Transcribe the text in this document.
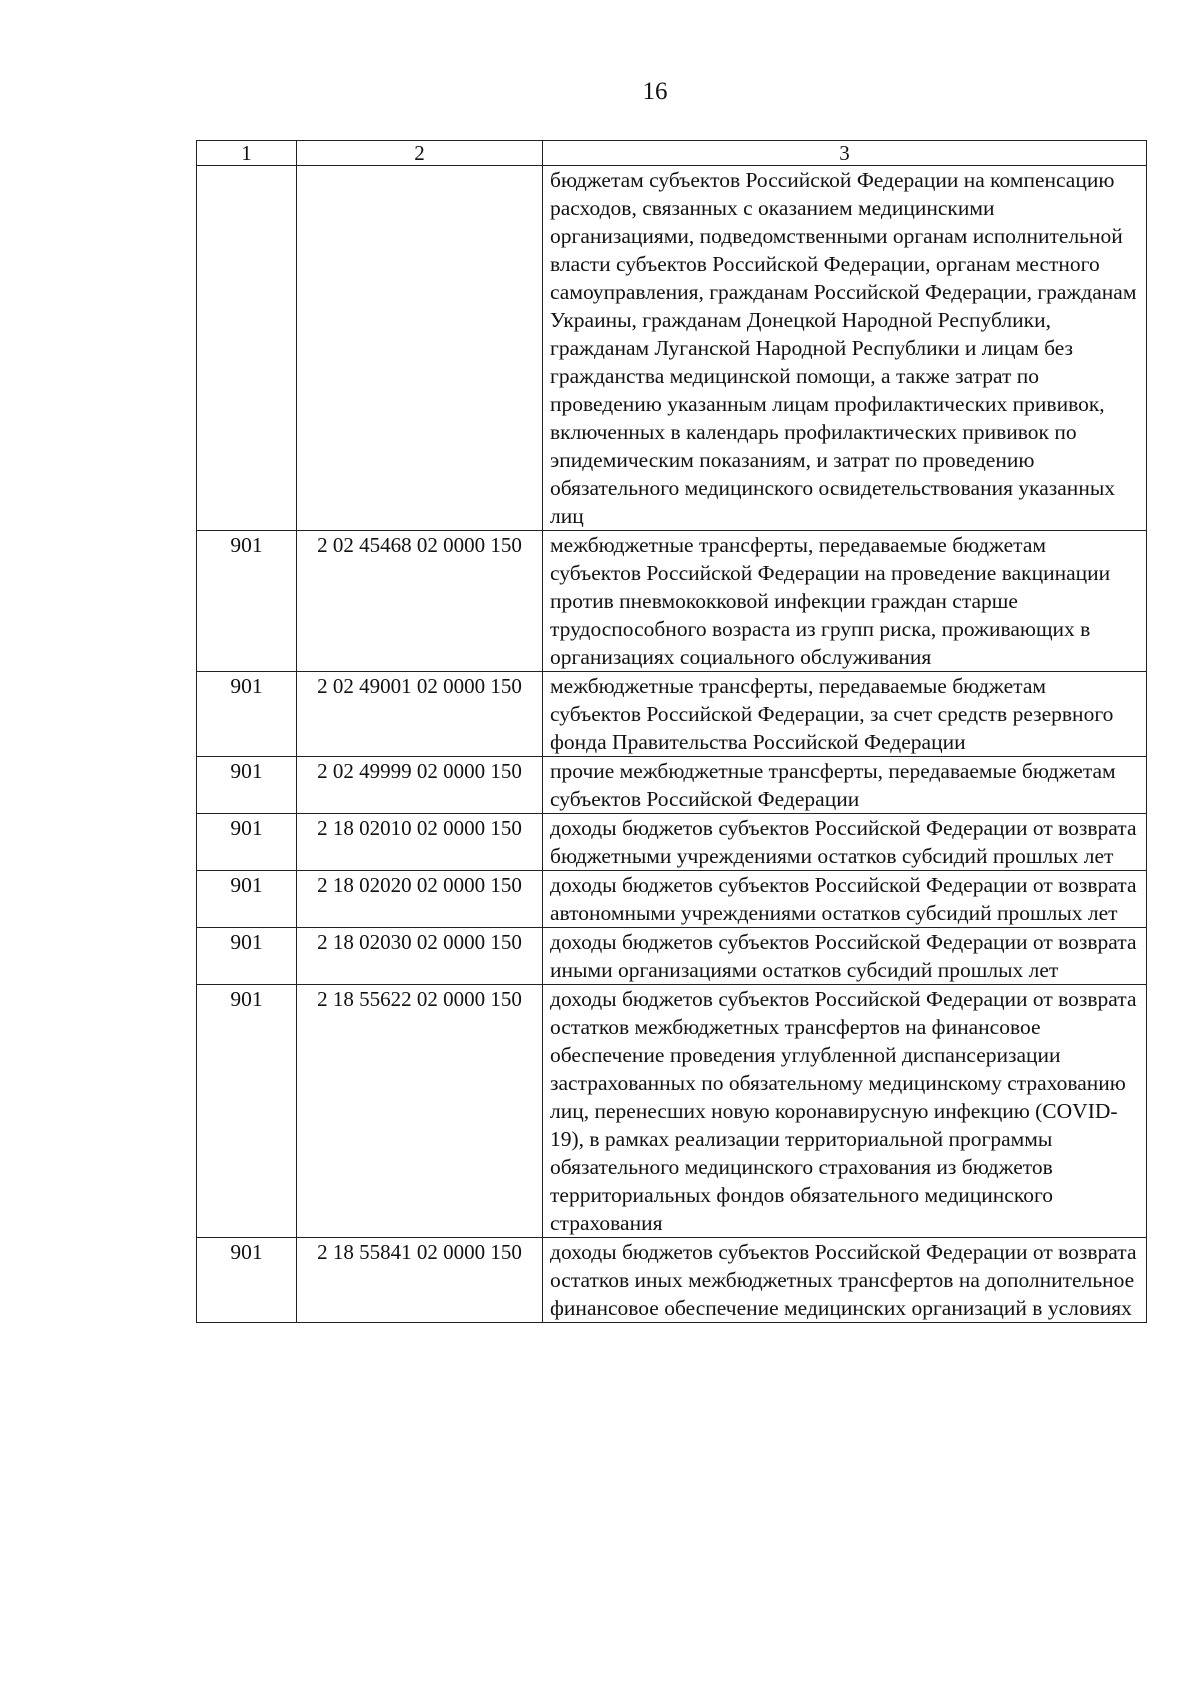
16
1	2	3
		бюджетам субъектов Российской Федерации на компенсацию расходов, связанных с оказанием медицинскими организациями, подведомственными органам исполнительной власти субъектов Российской Федерации, органам местного самоуправления, гражданам Российской Федерации, гражданам Украины, гражданам Донецкой Народной Республики, гражданам Луганской Народной Республики и лицам без гражданства медицинской помощи, а также затрат по проведению указанным лицам профилактических прививок, включенных в календарь профилактических прививок по эпидемическим показаниям, и затрат по проведению обязательного медицинского освидетельствования указанных лиц
901	2 02 45468 02 0000 150	межбюджетные трансферты, передаваемые бюджетам субъектов Российской Федерации на проведение вакцинации против пневмококковой инфекции граждан старше трудоспособного возраста из групп риска, проживающих в организациях социального обслуживания
901	2 02 49001 02 0000 150	межбюджетные трансферты, передаваемые бюджетам субъектов Российской Федерации, за счет средств резервного фонда Правительства Российской Федерации
901	2 02 49999 02 0000 150	прочие межбюджетные трансферты, передаваемые бюджетам субъектов Российской Федерации
901	2 18 02010 02 0000 150	доходы бюджетов субъектов Российской Федерации от возврата бюджетными учреждениями остатков субсидий прошлых лет
901	2 18 02020 02 0000 150	доходы бюджетов субъектов Российской Федерации от возврата автономными учреждениями остатков субсидий прошлых лет
901	2 18 02030 02 0000 150	доходы бюджетов субъектов Российской Федерации от возврата иными организациями остатков субсидий прошлых лет
901	2 18 55622 02 0000 150	доходы бюджетов субъектов Российской Федерации от возврата остатков межбюджетных трансфертов на финансовое обеспечение проведения углубленной диспансеризации застрахованных по обязательному медицинскому страхованию лиц, перенесших новую коронавирусную инфекцию (COVID-19), в рамках реализации территориальной программы обязательного медицинского страхования из бюджетов территориальных фондов обязательного медицинского страхования
901	2 18 55841 02 0000 150	доходы бюджетов субъектов Российской Федерации от возврата остатков иных межбюджетных трансфертов на дополнительное финансовое обеспечение медицинских организаций в условиях
